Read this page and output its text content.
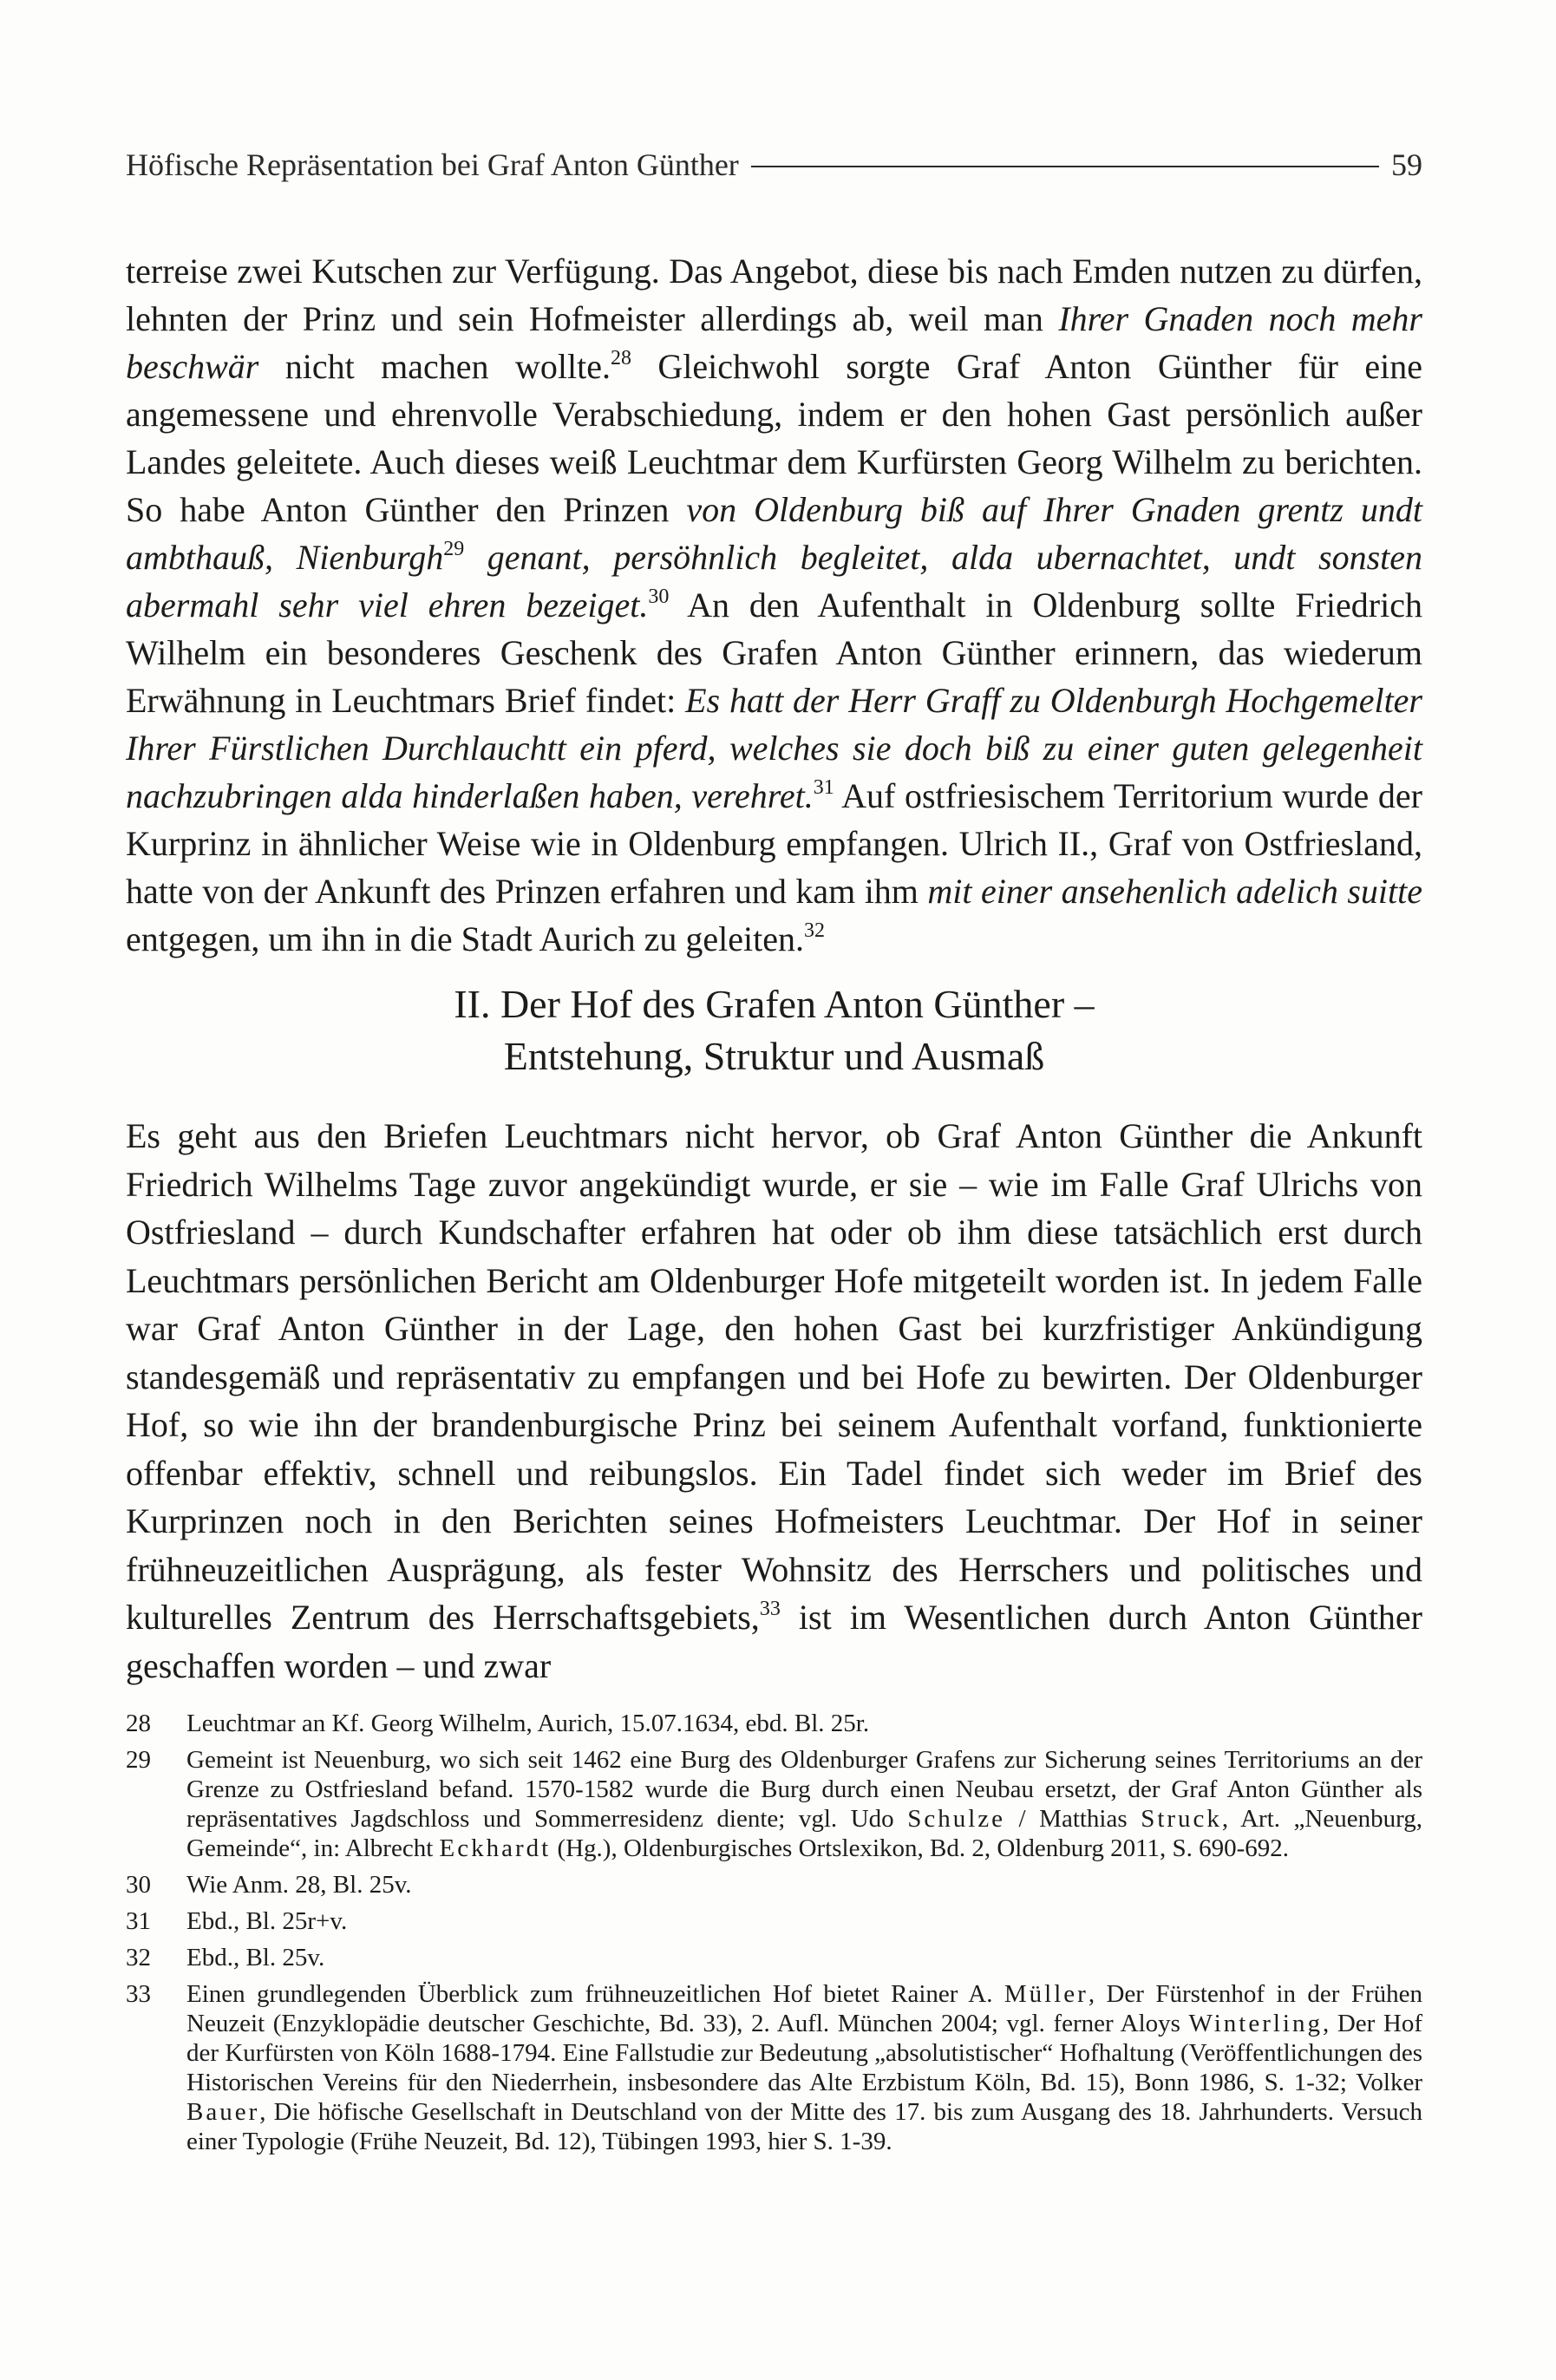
Höfische Repräsentation bei Graf Anton Günther	59

terreise zwei Kutschen zur Verfügung. Das Angebot, diese bis nach Emden nutzen zu dürfen, lehnten der Prinz und sein Hofmeister allerdings ab, weil man Ihrer Gnaden noch mehr beschwär nicht machen wollte.$^{28}$ Gleichwohl sorgte Graf Anton Günther für eine angemessene und ehrenvolle Verabschiedung, indem er den hohen Gast persönlich außer Landes geleitete. Auch dieses weiß Leuchtmar dem Kurfürsten Georg Wilhelm zu berichten. So habe Anton Günther den Prinzen von Oldenburg biß auf Ihrer Gnaden grentz undt ambthauß, Nienburgh$^{29}$ genant, persöhnlich begleitet, alda ubernachtet, undt sonsten abermahl sehr viel ehren bezeiget.$^{30}$ An den Aufenthalt in Oldenburg sollte Friedrich Wilhelm ein besonderes Geschenk des Grafen Anton Günther erinnern, das wiederum Erwähnung in Leuchtmars Brief findet: Es hatt der Herr Graff zu Oldenburgh Hochgemelter Ihrer Fürstlichen Durchlauchtt ein pferd, welches sie doch biß zu einer guten gelegenheit nachzubringen alda hinderlaßen haben, verehret.$^{31}$ Auf ostfriesischem Territorium wurde der Kurprinz in ähnlicher Weise wie in Oldenburg empfangen. Ulrich II., Graf von Ostfriesland, hatte von der Ankunft des Prinzen erfahren und kam ihm mit einer ansehenlich adelich suitte entgegen, um ihn in die Stadt Aurich zu geleiten.$^{32}$

II. Der Hof des Grafen Anton Günther –
Entstehung, Struktur und Ausmaß

Es geht aus den Briefen Leuchtmars nicht hervor, ob Graf Anton Günther die Ankunft Friedrich Wilhelms Tage zuvor angekündigt wurde, er sie – wie im Falle Graf Ulrichs von Ostfriesland – durch Kundschafter erfahren hat oder ob ihm diese tatsächlich erst durch Leuchtmars persönlichen Bericht am Oldenburger Hofe mitgeteilt worden ist. In jedem Falle war Graf Anton Günther in der Lage, den hohen Gast bei kurzfristiger Ankündigung standesgemäß und repräsentativ zu empfangen und bei Hofe zu bewirten. Der Oldenburger Hof, so wie ihn der brandenburgische Prinz bei seinem Aufenthalt vorfand, funktionierte offenbar effektiv, schnell und reibungslos. Ein Tadel findet sich weder im Brief des Kurprinzen noch in den Berichten seines Hofmeisters Leuchtmar. Der Hof in seiner frühneuzeitlichen Ausprägung, als fester Wohnsitz des Herrschers und politisches und kulturelles Zentrum des Herrschaftsgebiets,$^{33}$ ist im Wesentlichen durch Anton Günther geschaffen worden – und zwar

28	Leuchtmar an Kf. Georg Wilhelm, Aurich, 15.07.1634, ebd. Bl. 25r.
29	Gemeint ist Neuenburg, wo sich seit 1462 eine Burg des Oldenburger Grafens zur Sicherung seines Territoriums an der Grenze zu Ostfriesland befand. 1570-1582 wurde die Burg durch einen Neubau ersetzt, der Graf Anton Günther als repräsentatives Jagdschloss und Sommerresidenz diente; vgl. Udo Schulze / Matthias Struck, Art. „Neuenburg, Gemeinde“, in: Albrecht Eckhardt (Hg.), Oldenburgisches Ortslexikon, Bd. 2, Oldenburg 2011, S. 690-692.
30	Wie Anm. 28, Bl. 25v.
31	Ebd., Bl. 25r+v.
32	Ebd., Bl. 25v.
33	Einen grundlegenden Überblick zum frühneuzeitlichen Hof bietet Rainer A. Müller, Der Fürstenhof in der Frühen Neuzeit (Enzyklopädie deutscher Geschichte, Bd. 33), 2. Aufl. München 2004; vgl. ferner Aloys Winterling, Der Hof der Kurfürsten von Köln 1688-1794. Eine Fallstudie zur Bedeutung „absolutistischer“ Hofhaltung (Veröffentlichungen des Historischen Vereins für den Niederrhein, insbesondere das Alte Erzbistum Köln, Bd. 15), Bonn 1986, S. 1-32; Volker Bauer, Die höfische Gesellschaft in Deutschland von der Mitte des 17. bis zum Ausgang des 18. Jahrhunderts. Versuch einer Typologie (Frühe Neuzeit, Bd. 12), Tübingen 1993, hier S. 1-39.
